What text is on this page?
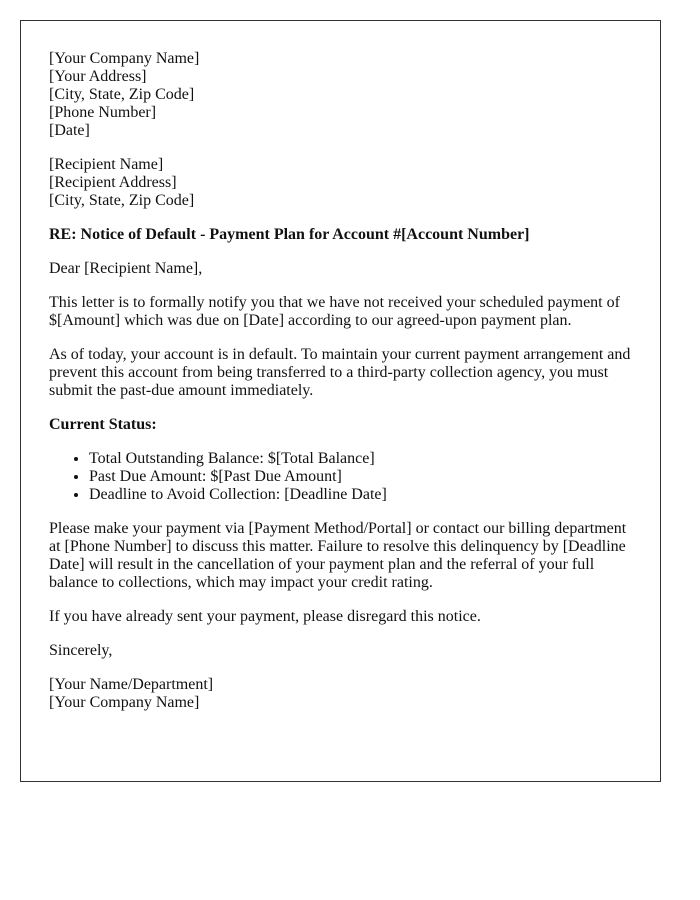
[Your Company Name]
[Your Address]
[City, State, Zip Code]
[Phone Number]
[Date]

[Recipient Name]
[Recipient Address]
[City, State, Zip Code]

RE: Notice of Default - Payment Plan for Account #[Account Number]

Dear [Recipient Name],

This letter is to formally notify you that we have not received your scheduled payment of $[Amount] which was due on [Date] according to our agreed-upon payment plan.

As of today, your account is in default. To maintain your current payment arrangement and prevent this account from being transferred to a third-party collection agency, you must submit the past-due amount immediately.

Current Status:

• Total Outstanding Balance: $[Total Balance]
• Past Due Amount: $[Past Due Amount]
• Deadline to Avoid Collection: [Deadline Date]

Please make your payment via [Payment Method/Portal] or contact our billing department at [Phone Number] to discuss this matter. Failure to resolve this delinquency by [Deadline Date] will result in the cancellation of your payment plan and the referral of your full balance to collections, which may impact your credit rating.

If you have already sent your payment, please disregard this notice.

Sincerely,

[Your Name/Department]
[Your Company Name]
